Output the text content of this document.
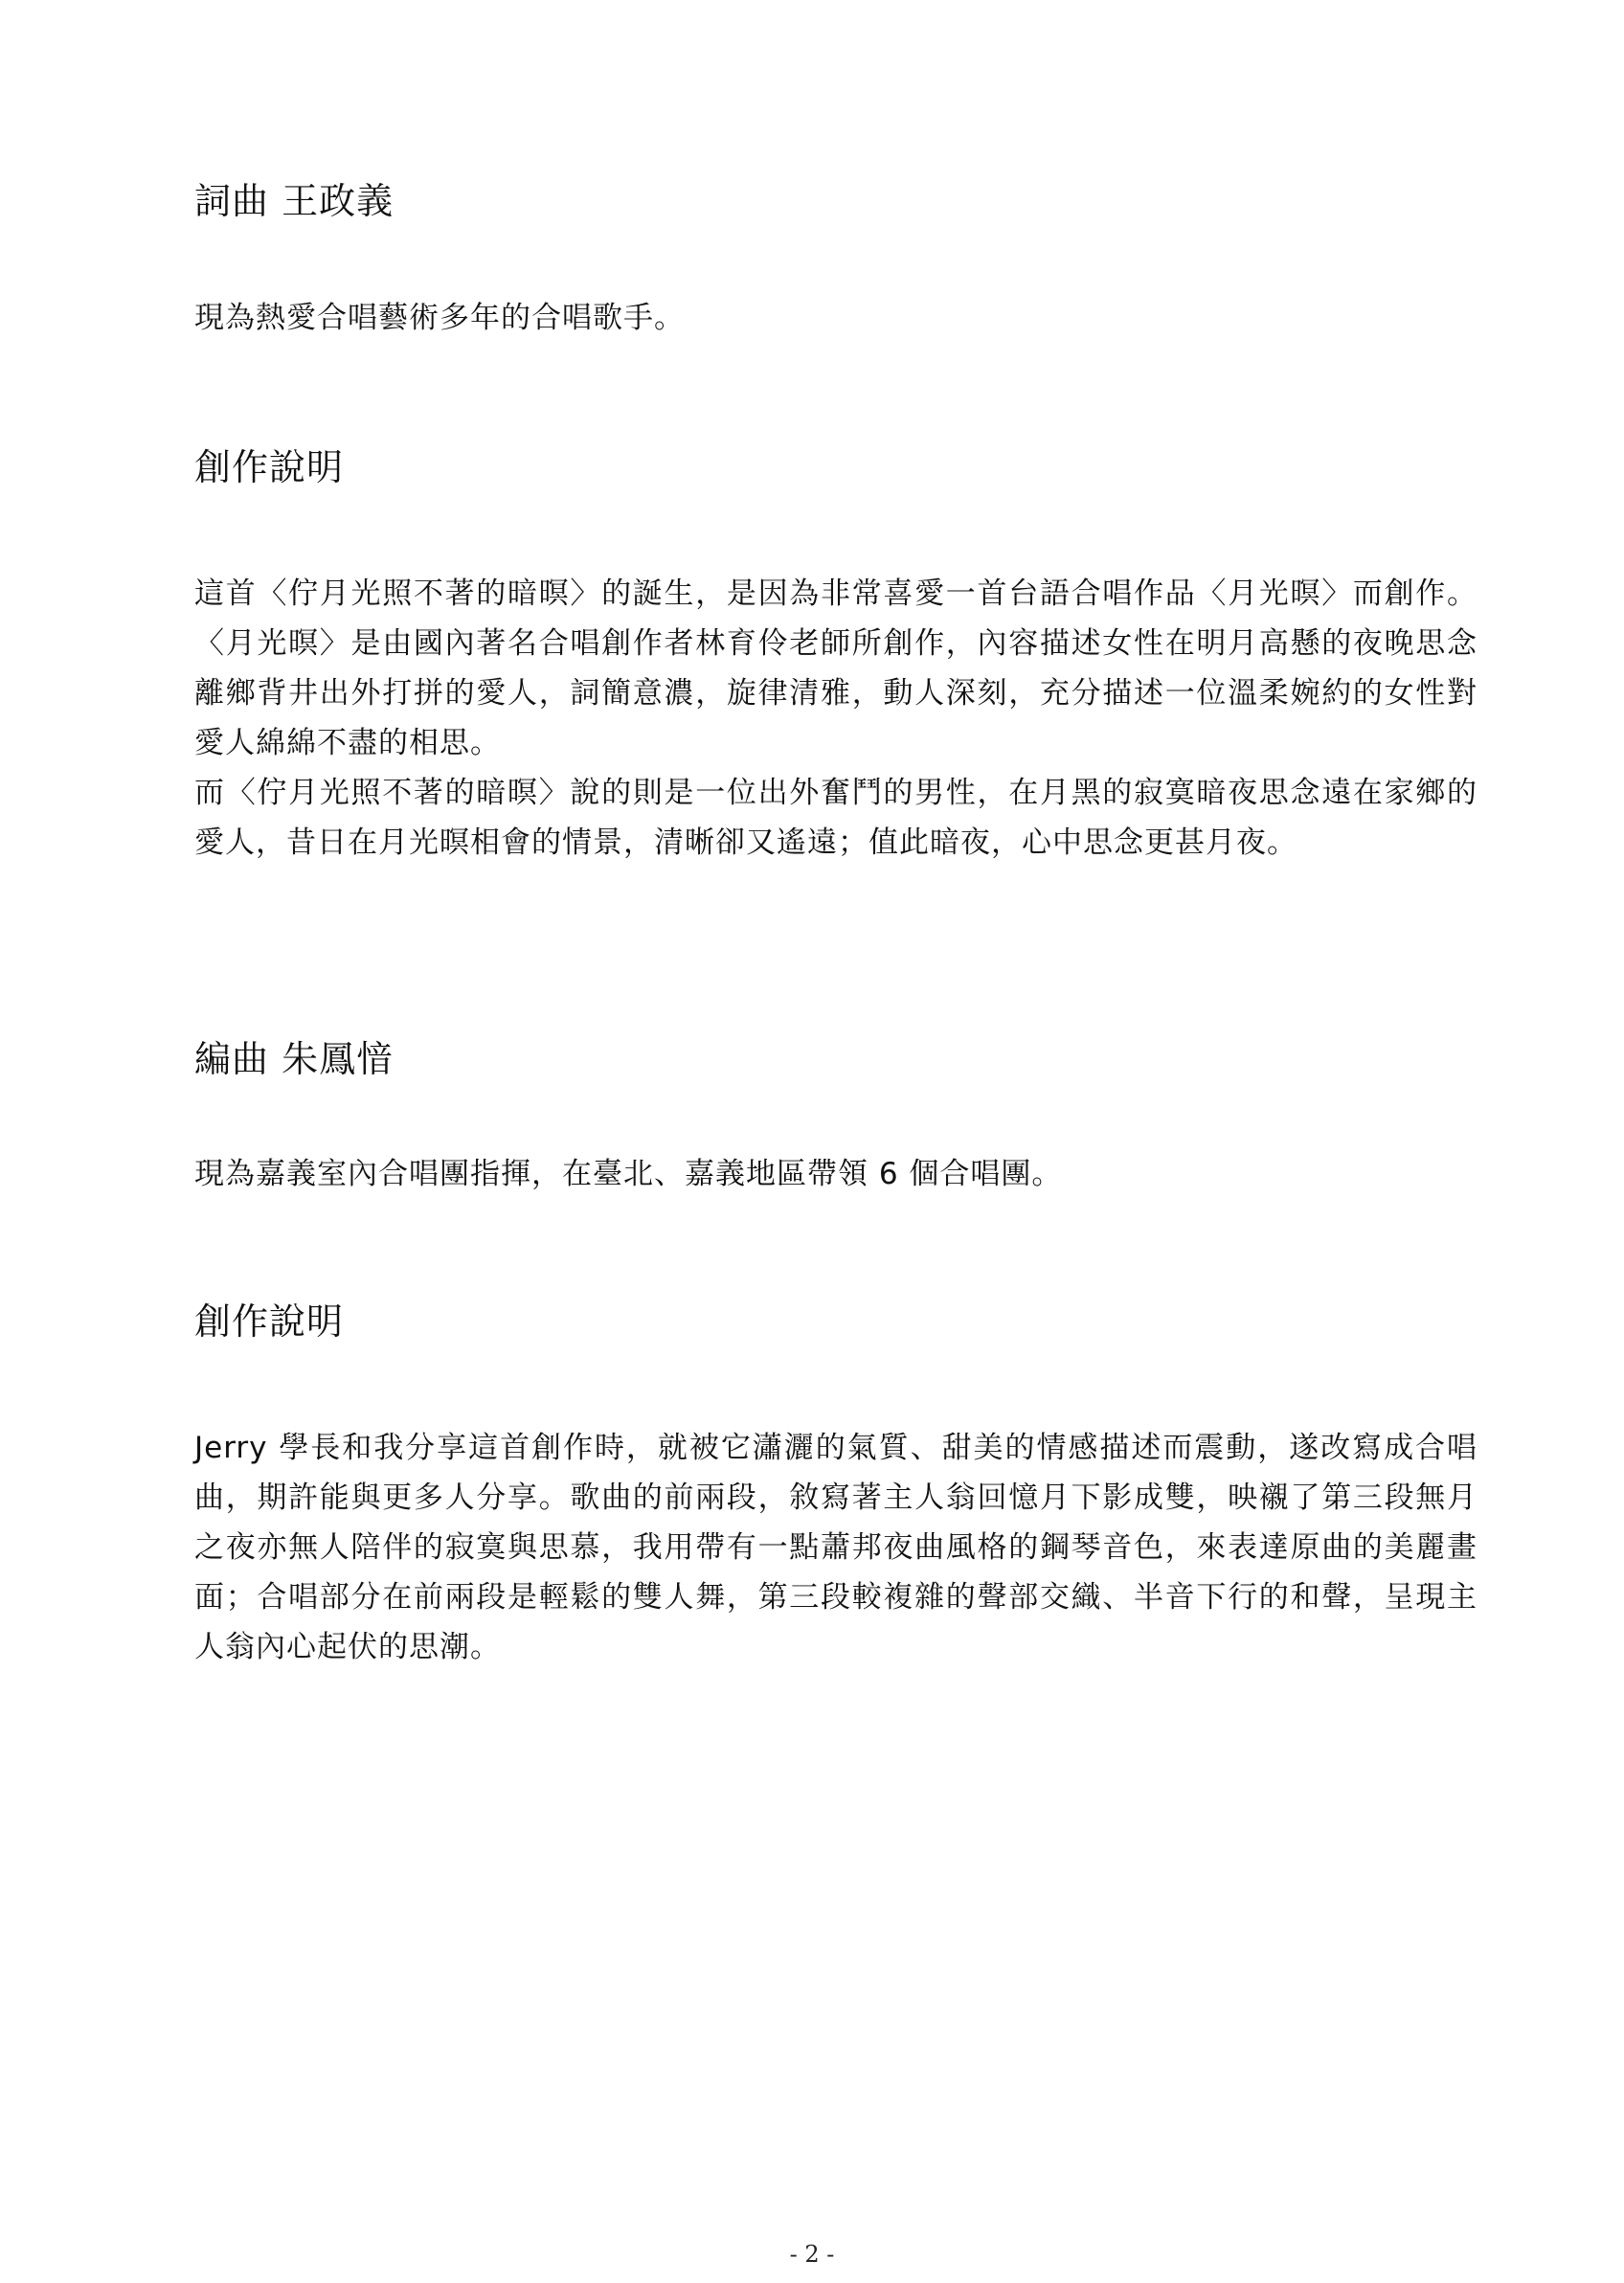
詞曲 王政義

現為熱愛合唱藝術多年的合唱歌手。

創作說明

這首〈佇月光照不著的暗暝〉的誕生，是因為非常喜愛一首台語合唱作品〈月光暝〉而創作。〈月光暝〉是由國內著名合唱創作者林育伶老師所創作，內容描述女性在明月高懸的夜晚思念離鄉背井出外打拼的愛人，詞簡意濃，旋律清雅，動人深刻，充分描述一位溫柔婉約的女性對愛人綿綿不盡的相思。

而〈佇月光照不著的暗暝〉說的則是一位出外奮鬥的男性，在月黑的寂寞暗夜思念遠在家鄉的愛人，昔日在月光暝相會的情景，清晰卻又遙遠；值此暗夜，心中思念更甚月夜。

編曲 朱鳳愔

現為嘉義室內合唱團指揮，在臺北、嘉義地區帶領 6 個合唱團。

創作說明

Jerry 學長和我分享這首創作時，就被它瀟灑的氣質、甜美的情感描述而震動，遂改寫成合唱曲，期許能與更多人分享。歌曲的前兩段，敘寫著主人翁回憶月下影成雙，映襯了第三段無月之夜亦無人陪伴的寂寞與思慕，我用帶有一點蕭邦夜曲風格的鋼琴音色，來表達原曲的美麗畫面；合唱部分在前兩段是輕鬆的雙人舞，第三段較複雜的聲部交織、半音下行的和聲，呈現主人翁內心起伏的思潮。

- 2 -
